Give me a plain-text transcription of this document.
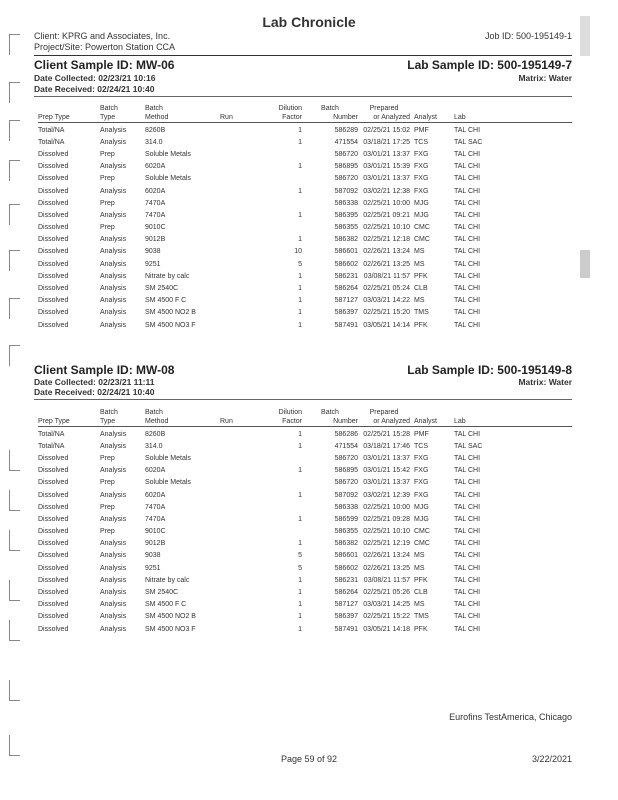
Lab Chronicle
Client: KPRG and Associates, Inc.
Project/Site: Powerton Station CCA
Job ID: 500-195149-1
Client Sample ID: MW-06	Lab Sample ID: 500-195149-7
Date Collected: 02/23/21 10:16	Matrix: Water
Date Received: 02/24/21 10:40
	Batch	Batch		Dilution	Batch	Prepared		
Prep Type	Type	Method	Run	Factor	Number	or Analyzed	Analyst	Lab

Total/NA	Analysis	8260B		1	586289	02/25/21 15:02	PMF	TAL CHI
Total/NA	Analysis	314.0		1	471554	03/18/21 17:25	TCS	TAL SAC
Dissolved	Prep	Soluble Metals			586720	03/01/21 13:37	FXG	TAL CHI
Dissolved	Analysis	6020A		1	586895	03/01/21 15:39	FXG	TAL CHI
Dissolved	Prep	Soluble Metals			586720	03/01/21 13:37	FXG	TAL CHI
Dissolved	Analysis	6020A		1	587092	03/02/21 12:38	FXG	TAL CHI
Dissolved	Prep	7470A			586338	02/25/21 10:00	MJG	TAL CHI
Dissolved	Analysis	7470A		1	586395	02/25/21 09:21	MJG	TAL CHI
Dissolved	Prep	9010C			586355	02/25/21 10:10	CMC	TAL CHI
Dissolved	Analysis	9012B		1	586382	02/25/21 12:18	CMC	TAL CHI
Dissolved	Analysis	9038		10	586601	02/26/21 13:24	MS	TAL CHI
Dissolved	Analysis	9251		5	586602	02/26/21 13:25	MS	TAL CHI
Dissolved	Analysis	Nitrate by calc		1	586231	03/08/21 11:57	PFK	TAL CHI
Dissolved	Analysis	SM 2540C		1	586264	02/25/21 05:24	CLB	TAL CHI
Dissolved	Analysis	SM 4500 F C		1	587127	03/03/21 14:22	MS	TAL CHI
Dissolved	Analysis	SM 4500 NO2 B		1	586397	02/25/21 15:20	TMS	TAL CHI
Dissolved	Analysis	SM 4500 NO3 F		1	587491	03/05/21 14:14	PFK	TAL CHI
Client Sample ID: MW-08	Lab Sample ID: 500-195149-8
Date Collected: 02/23/21 11:11	Matrix: Water
Date Received: 02/24/21 10:40
	Batch	Batch		Dilution	Batch	Prepared		
Prep Type	Type	Method	Run	Factor	Number	or Analyzed	Analyst	Lab

Total/NA	Analysis	8260B		1	586286	02/25/21 15:28	PMF	TAL CHI
Total/NA	Analysis	314.0		1	471554	03/18/21 17:46	TCS	TAL SAC
Dissolved	Prep	Soluble Metals			586720	03/01/21 13:37	FXG	TAL CHI
Dissolved	Analysis	6020A		1	586895	03/01/21 15:42	FXG	TAL CHI
Dissolved	Prep	Soluble Metals			586720	03/01/21 13:37	FXG	TAL CHI
Dissolved	Analysis	6020A		1	587092	03/02/21 12:39	FXG	TAL CHI
Dissolved	Prep	7470A			586338	02/25/21 10:00	MJG	TAL CHI
Dissolved	Analysis	7470A		1	586599	02/25/21 09:28	MJG	TAL CHI
Dissolved	Prep	9010C			586355	02/25/21 10:10	CMC	TAL CHI
Dissolved	Analysis	9012B		1	586382	02/25/21 12:19	CMC	TAL CHI
Dissolved	Analysis	9038		5	586601	02/26/21 13:24	MS	TAL CHI
Dissolved	Analysis	9251		5	586602	02/26/21 13:25	MS	TAL CHI
Dissolved	Analysis	Nitrate by calc		1	586231	03/08/21 11:57	PFK	TAL CHI
Dissolved	Analysis	SM 2540C		1	586264	02/25/21 05:26	CLB	TAL CHI
Dissolved	Analysis	SM 4500 F C		1	587127	03/03/21 14:25	MS	TAL CHI
Dissolved	Analysis	SM 4500 NO2 B		1	586397	02/25/21 15:22	TMS	TAL CHI
Dissolved	Analysis	SM 4500 NO3 F		1	587491	03/05/21 14:18	PFK	TAL CHI
Eurofins TestAmerica, Chicago
Page 59 of 92	3/22/2021
